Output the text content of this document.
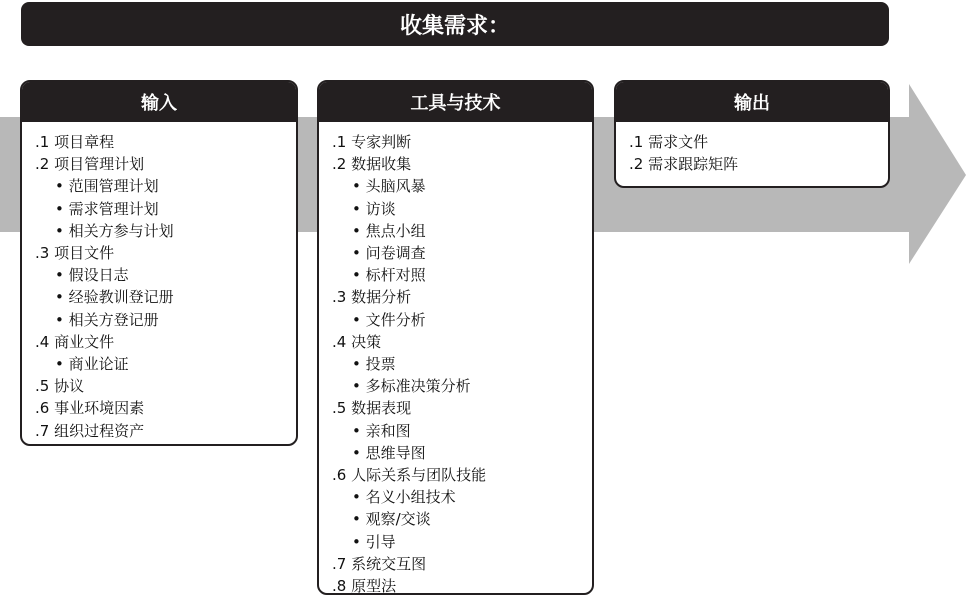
收集需求：
输入
.1 项目章程
.2 项目管理计划
• 范围管理计划
• 需求管理计划
• 相关方参与计划
.3 项目文件
• 假设日志
• 经验教训登记册
• 相关方登记册
.4 商业文件
• 商业论证
.5 协议
.6 事业环境因素
.7 组织过程资产
工具与技术
.1 专家判断
.2 数据收集
• 头脑风暴
• 访谈
• 焦点小组
• 问卷调查
• 标杆对照
.3 数据分析
• 文件分析
.4 决策
• 投票
• 多标准决策分析
.5 数据表现
• 亲和图
• 思维导图
.6 人际关系与团队技能
• 名义小组技术
• 观察/交谈
• 引导
.7 系统交互图
.8 原型法
输出
.1 需求文件
.2 需求跟踪矩阵
